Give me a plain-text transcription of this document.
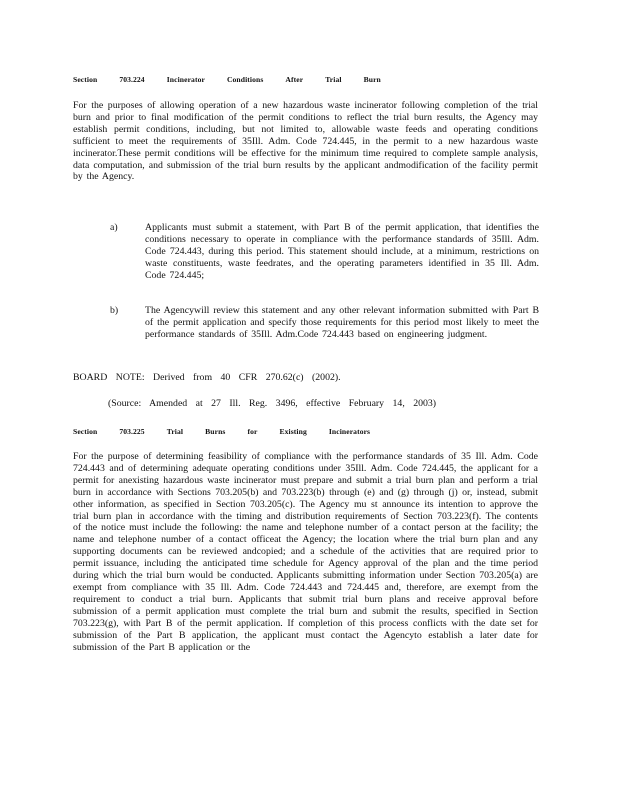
Section	703.224	Incinerator	Conditions	After	Trial	Burn
For the purposes of allowing operation of a new hazardous waste incinerator following completion of the trial burn and prior to final modification of the permit conditions to reflect the trial burn results, the Agency may establish permit conditions, including, but not limited to, allowable waste feeds and operating conditions sufficient to meet the requirements of 35Ill. Adm. Code 724.445, in the permit to a new hazardous waste incinerator.These permit conditions will be effective for the minimum time required to complete sample analysis, data computation, and submission of the trial burn results by the applicant andmodification of the facility permit by the Agency.
a)	Applicants must submit a statement, with Part B of the permit application, that identifies the conditions necessary to operate in compliance with the performance standards of 35Ill. Adm. Code 724.443, during this period. This statement should include, at a minimum, restrictions on waste constituents, waste feedrates, and the operating parameters identified in 35 Ill. Adm. Code 724.445;
b)	The Agencywill review this statement and any other relevant information submitted with Part B of the permit application and specify those requirements for this period most likely to meet the performance standards of 35Ill. Adm.Code 724.443 based on engineering judgment.
BOARD NOTE: Derived from 40 CFR 270.62(c) (2002).
(Source: Amended at 27 Ill. Reg. 3496, effective February 14, 2003)
Section	703.225	Trial	Burns	for	Existing	Incinerators
For the purpose of determining feasibility of compliance with the performance standards of 35 Ill. Adm. Code 724.443 and of determining adequate operating conditions under 35Ill. Adm. Code 724.445, the applicant for a permit for anexisting hazardous waste incinerator must prepare and submit a trial burn plan and perform a trial burn in accordance with Sections 703.205(b) and 703.223(b) through (e) and (g) through (j) or, instead, submit other information, as specified in Section 703.205(c). The Agency mu st announce its intention to approve the trial burn plan in accordance with the timing and distribution requirements of Section 703.223(f). The contents of the notice must include the following: the name and telephone number of a contact person at the facility; the name and telephone number of a contact officeat the Agency; the location where the trial burn plan and any supporting documents can be reviewed andcopied; and a schedule of the activities that are required prior to permit issuance, including the anticipated time schedule for Agency approval of the plan and the time period during which the trial burn would be conducted. Applicants submitting information under Section 703.205(a) are exempt from compliance with 35 Ill. Adm. Code 724.443 and 724.445 and, therefore, are exempt from the requirement to conduct a trial burn. Applicants that submit trial burn plans and receive approval before submission of a permit application must complete the trial burn and submit the results, specified in Section 703.223(g), with Part B of the permit application. If completion of this process conflicts with the date set for submission of the Part B application, the applicant must contact the Agencyto establish a later date for submission of the Part B application or the
